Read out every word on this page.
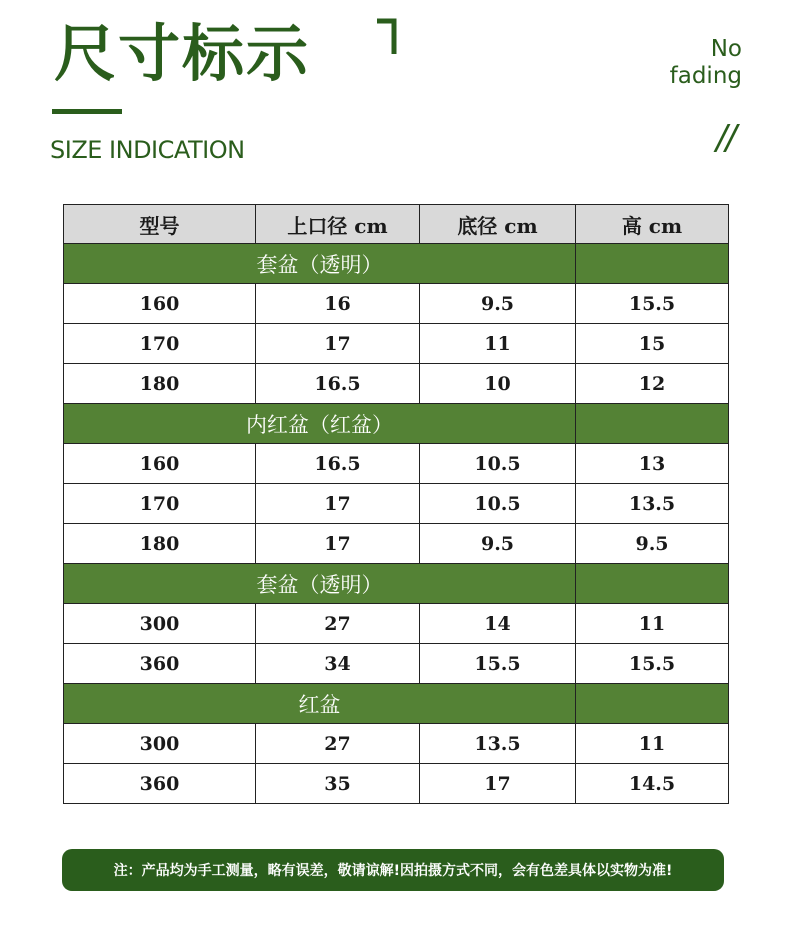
尺寸标示
SIZE INDICATION
No
fading
//
型号	上口径 cm	底径 cm	高 cm
套盆（透明）			
160	16	9.5	15.5
170	17	11	15
180	16.5	10	12
内红盆（红盆）			
160	16.5	10.5	13
170	17	10.5	13.5
180	17	9.5	9.5
套盆（透明）			
300	27	14	11
360	34	15.5	15.5
红盆			
300	27	13.5	11
360	35	17	14.5
注：产品均为手工测量，略有误差，敬请谅解!因拍摄方式不同，会有色差具体以实物为准!
